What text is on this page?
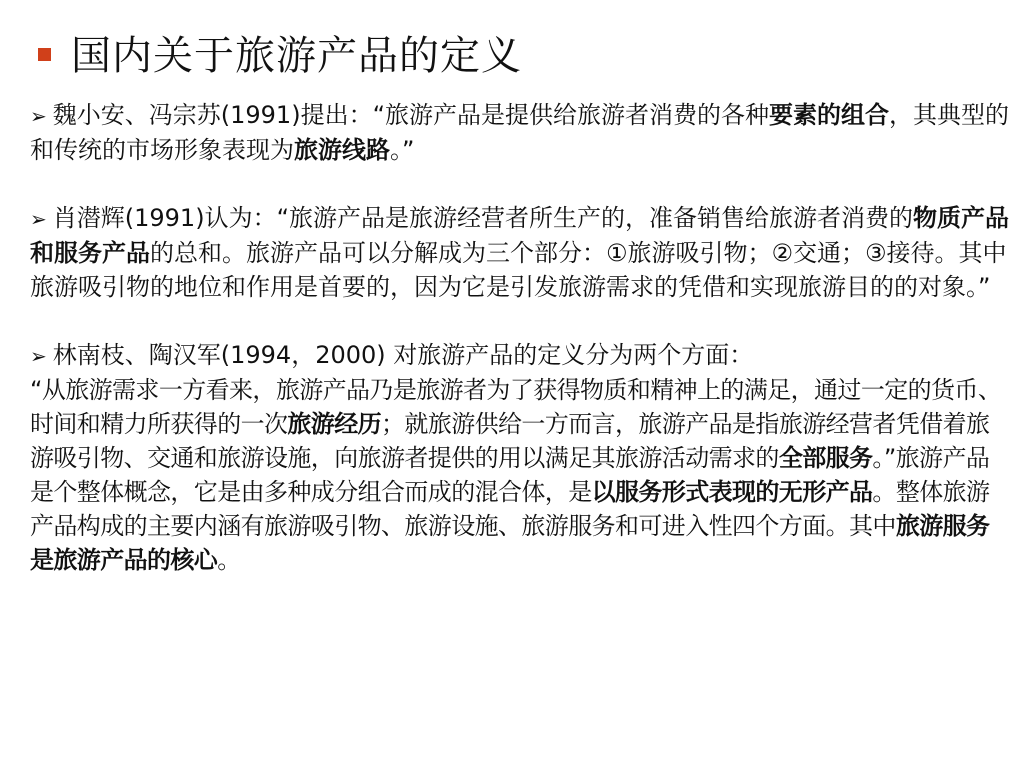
国内关于旅游产品的定义

➢ 魏小安、冯宗苏(1991)提出：“旅游产品是提供给旅游者消费的各种要素的组合，其典型的和传统的市场形象表现为旅游线路。”

➢ 肖潜辉(1991)认为：“旅游产品是旅游经营者所生产的，准备销售给旅游者消费的物质产品和服务产品的总和。旅游产品可以分解成为三个部分：①旅游吸引物；②交通；③接待。其中旅游吸引物的地位和作用是首要的，因为它是引发旅游需求的凭借和实现旅游目的的对象。”

➢ 林南枝、陶汉军(1994，2000) 对旅游产品的定义分为两个方面：

“从旅游需求一方看来，旅游产品乃是旅游者为了获得物质和精神上的满足，通过一定的货币、时间和精力所获得的一次旅游经历；就旅游供给一方而言，旅游产品是指旅游经营者凭借着旅游吸引物、交通和旅游设施，向旅游者提供的用以满足其旅游活动需求的全部服务。”旅游产品是个整体概念，它是由多种成分组合而成的混合体，是以服务形式表现的无形产品。整体旅游产品构成的主要内涵有旅游吸引物、旅游设施、旅游服务和可进入性四个方面。其中旅游服务是旅游产品的核心。
